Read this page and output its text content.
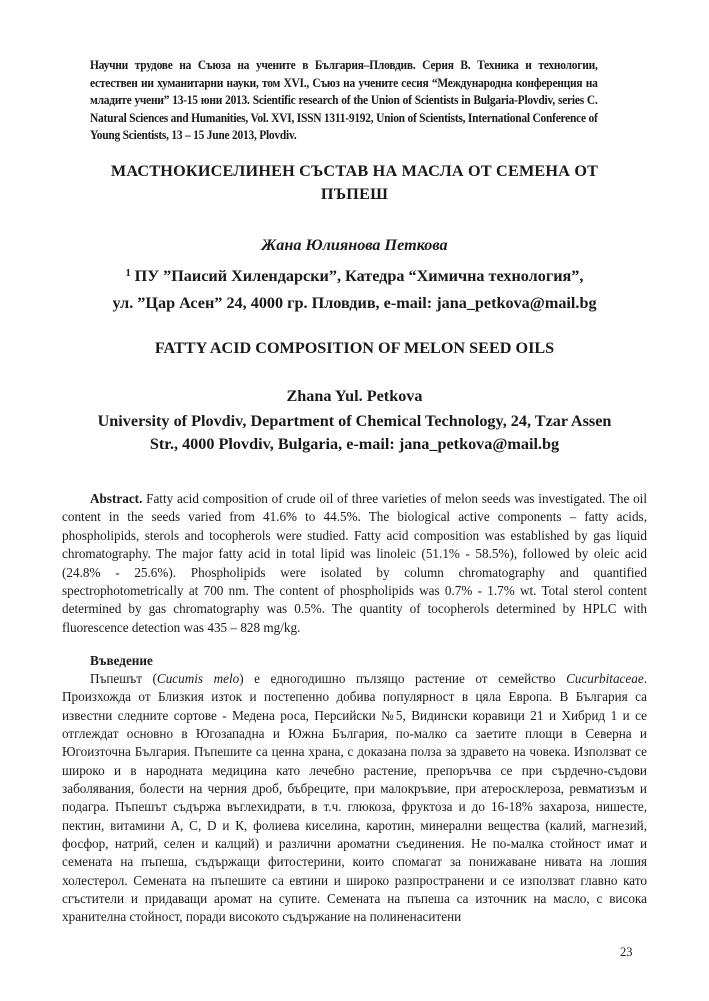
Научни трудове на Съюза на учените в България–Пловдив. Серия В. Техника и технологии, естествен ии хуманитарни науки, том XVI., Съюз на учените сесия “Международна конференция на младите учени” 13-15 юни 2013. Scientific research of the Union of Scientists in Bulgaria-Plovdiv, series C. Natural Sciences and Humanities, Vol. XVI, ISSN 1311-9192, Union of Scientists, International Conference of Young Scientists, 13 – 15 June 2013, Plovdiv.
МАСТНОКИСЕЛИНЕН СЪСТАВ НА МАСЛА ОТ СЕМЕНА ОТ
ПЪПЕШ
Жана Юлиянова Петкова
$^1$ ПУ ”Паисий Хилендарски”, Катедра “Химична технология”,
ул. ”Цар Асен” 24, 4000 гр. Пловдив, e-mail: jana_petkova@mail.bg
FATTY ACID COMPOSITION OF MELON SEED OILS
Zhana Yul. Petkova
University of Plovdiv, Department of Chemical Technology, 24, Tzar Assen
Str., 4000 Plovdiv, Bulgaria, e-mail: jana_petkova@mail.bg
Abstract. Fatty acid composition of crude oil of three varieties of melon seeds was investigated. The oil content in the seeds varied from 41.6% to 44.5%. The biological active components – fatty acids, phospholipids, sterols and tocopherols were studied. Fatty acid composition was established by gas liquid chromatography. The major fatty acid in total lipid was linoleic (51.1% - 58.5%), followed by oleic acid (24.8% - 25.6%). Phospholipids were isolated by column chromatography and quantified spectrophotometrically at 700 nm. The content of phospholipids was 0.7% - 1.7% wt. Total sterol content determined by gas chromatography was 0.5%. The quantity of tocopherols determined by HPLC with fluorescence detection was 435 – 828 mg/kg.
Въведение
Пъпешът (Cucumis melo) е едногодишно пълзящо растение от семейство Cucurbitaceae. Произхожда от Близкия изток и постепенно добива популярност в цяла Европа. В България са известни следните сортове - Медена роса, Персийски №5, Видински коравици 21 и Хибрид 1 и се отглеждат основно в Югозападна и Южна България, по-малко са заетите площи в Северна и Югоизточна България. Пъпешите са ценна храна, с доказана полза за здравето на човека. Използват се широко и в народната медицина като лечебно растение, препоръчва се при сърдечно-съдови заболявания, болести на черния дроб, бъбреците, при малокръвие, при атеросклероза, ревматизъм и подагра. Пъпешът съдържа въглехидрати, в т.ч. глюкоза, фруктоза и до 16-18% захароза, нишесте, пектин, витамини А, С, D и К, фолиева киселина, каротин, минерални вещества (калий, магнезий, фосфор, натрий, селен и калций) и различни ароматни съединения. Не по-малка стойност имат и семената на пъпеша, съдържащи фитостерини, които спомагат за понижаване нивата на лошия холестерол. Семената на пъпешите са евтини и широко разпространени и се използват главно като сгъстители и придаващи аромат на супите. Семената на пъпеша са източник на масло, с висока хранителна стойност, поради високото съдържание на полиненаситени
23
